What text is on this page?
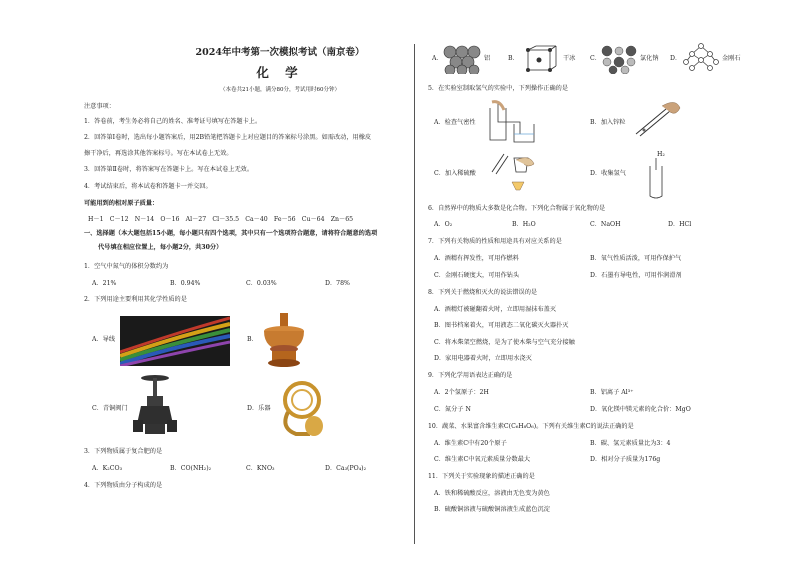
2024年中考第一次模拟考试（南京卷）
化 学
（本卷共21小题，满分80分，考试用时60分钟）
注意事项：
1．答卷前，考生务必将自己的姓名、准考证号填写在答题卡上。
2．回答第Ⅰ卷时，选出每小题答案后，用2B铅笔把答题卡上对应题目的答案标号涂黑。如需改动，用橡皮
擦干净后，再选涂其他答案标号。写在本试卷上无效。
3．回答第Ⅱ卷时，将答案写在答题卡上。写在本试卷上无效。
4．考试结束后，将本试卷和答题卡一并交回。
可能用到的相对原子质量：
H－1　C－12　N－14　O－16　Al－27　Cl－35.5　Ca－40　Fe－56　Cu－64　Zn－65
一、选择题（本大题包括15小题，每小题只有四个选项，其中只有一个选项符合题意，请将符合题意的选项
代号填在相应位置上，每小题2分，共30分）
1．空气中氮气的体积分数约为
A．21%	B．0.94%	C．0.03%	D．78%
2．下列用途主要利用其化学性质的是
A．导线	B．
C．青铜阀门	D．乐器
3．下列物质属于复合肥的是
A．K₂CO₃	B．CO(NH₂)₂	C．KNO₃	D．Ca₃(PO₄)₂
4．下列物质由分子构成的是
A．	铝	B．	干冰 C．	氯化钠 D．	金刚石
5．在实验室制取氢气的实验中，下列操作正确的是
A．检查气密性	B．加入锌粒
H₂
C．加入稀硫酸	D．收集氢气
6．自然界中的物质大多数是化合物。下列化合物属于氧化物的是
A．O₂	B．H₂O	C．NaOH	D．HCl
7．下列有关物质的性质和用途具有对应关系的是
A．酒精有挥发性，可用作燃料	B．氧气性质活泼，可用作保护气
C．金刚石硬度大，可用作钻头	D．石墨有导电性，可用作润滑剂
8．下列关于燃烧和灭火的说法错误的是
A．酒精灯被碰翻着火时，立即用湿抹布盖灭
B．图书档案着火，可用液态二氧化碳灭火器扑灭
C．将木柴架空燃烧，是为了使木柴与空气充分接触
D．家用电器着火时，立即用水浇灭
9．下列化学用语表达正确的是
A．2个氢原子：2H	B．铝离子 Al³⁺
C．氮分子 N	D．氧化镁中镁元素的化合价：MgO
10．蔬菜、水果富含维生素C(C₆H₈O₆)。下列有关维生素C的说法正确的是
A．维生素C中有20个原子	B．碳、氢元素质量比为3：4
C．维生素C中氧元素质量分数最大	D．相对分子质量为176g
11．下列关于实验现象的描述正确的是
A．铁和稀硫酸反应，溶液由无色变为黄色
B．硫酸铜溶液与硫酸铜溶液生成蓝色沉淀
